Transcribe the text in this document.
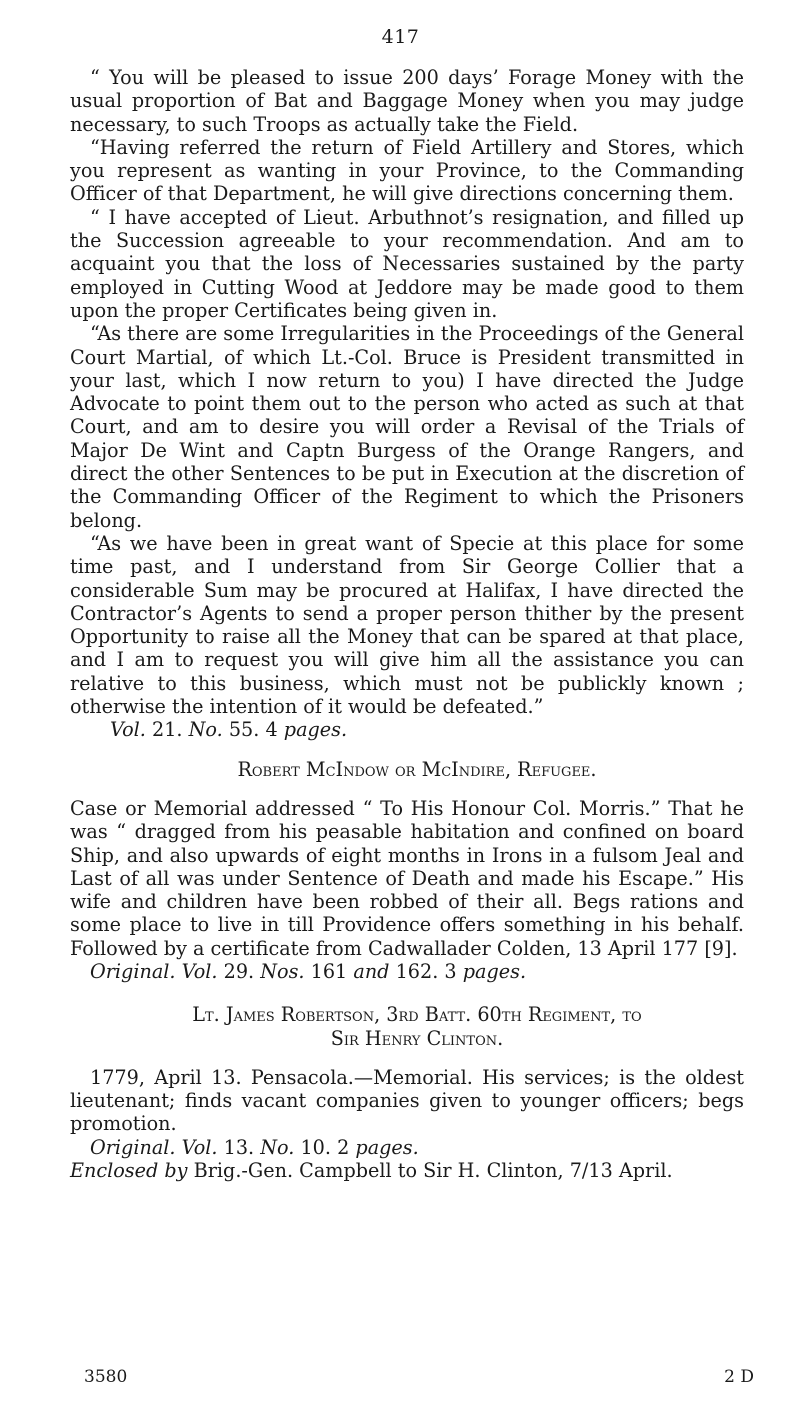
417

“ You will be pleased to issue 200 days’ Forage Money with the usual proportion of Bat and Baggage Money when you may judge necessary, to such Troops as actually take the Field.

“Having referred the return of Field Artillery and Stores, which you represent as wanting in your Province, to the Commanding Officer of that Department, he will give directions concerning them.

“ I have accepted of Lieut. Arbuthnot’s resignation, and filled up the Succession agreeable to your recommendation. And am to acquaint you that the loss of Necessaries sustained by the party employed in Cutting Wood at Jeddore may be made good to them upon the proper Certificates being given in.

“As there are some Irregularities in the Proceedings of the General Court Martial, of which Lt.-Col. Bruce is President transmitted in your last, which I now return to you) I have directed the Judge Advocate to point them out to the person who acted as such at that Court, and am to desire you will order a Revisal of the Trials of Major De Wint and Captn Burgess of the Orange Rangers, and direct the other Sentences to be put in Execution at the discretion of the Commanding Officer of the Regiment to which the Prisoners belong.

“As we have been in great want of Specie at this place for some time past, and I understand from Sir George Collier that a considerable Sum may be procured at Halifax, I have directed the Contractor’s Agents to send a proper person thither by the present Opportunity to raise all the Money that can be spared at that place, and I am to request you will give him all the assistance you can relative to this business, which must not be publickly known ; otherwise the intention of it would be defeated.”

Vol. 21. No. 55. 4 pages.

Robert McIndow or McIndire, Refugee.

Case or Memorial addressed “ To His Honour Col. Morris.” That he was “ dragged from his peasable habitation and confined on board Ship, and also upwards of eight months in Irons in a fulsom Jeal and Last of all was under Sentence of Death and made his Escape.” His wife and children have been robbed of their all. Begs rations and some place to live in till Providence offers something in his behalf. Followed by a certificate from Cadwallader Colden, 13 April 177 [9].

Original. Vol. 29. Nos. 161 and 162. 3 pages.

Lt. James Robertson, 3rd Batt. 60th Regiment, to

Sir Henry Clinton.

1779, April 13. Pensacola.—Memorial. His services; is the oldest lieutenant; finds vacant companies given to younger officers; begs promotion.

Original. Vol. 13. No. 10. 2 pages.

Enclosed by Brig.-Gen. Campbell to Sir H. Clinton, 7/13 April.

3580	2 D
